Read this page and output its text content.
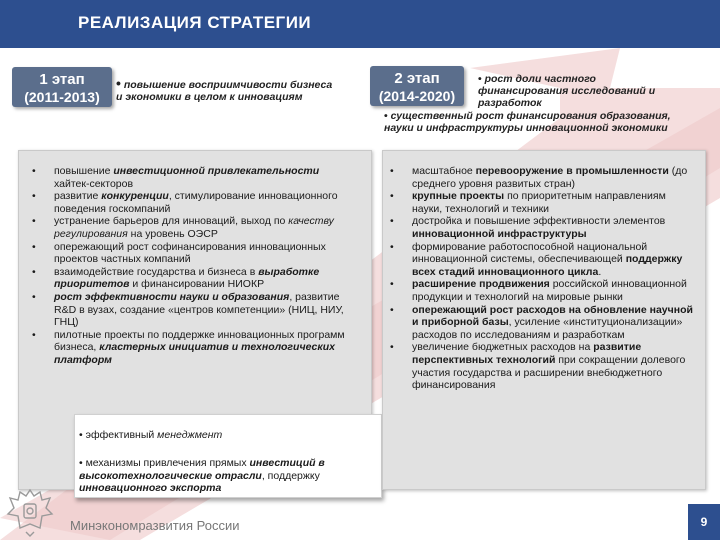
РЕАЛИЗАЦИЯ СТРАТЕГИИ
1 этап
(2011-2013)
• повышение восприимчивости бизнеса и экономики в целом к инновациям
• повышение инвестиционной привлекательности хайтек-секторов
• развитие конкуренции, стимулирование инновационного поведения госкомпаний
• устранение барьеров для инноваций, выход по качеству регулирования на уровень ОЭСР
• опережающий рост софинансирования инновационных проектов частных компаний
• взаимодействие государства и бизнеса в выработке приоритетов и финансировании НИОКР
• рост эффективности науки и образования, развитие R&D в вузах, создание «центров компетенции» (НИЦ, НИУ, ГНЦ)
• пилотные проекты по поддержке инновационных программ бизнеса, кластерных инициатив и технологических платформ
• эффективный менеджмент
• механизмы привлечения прямых инвестиций в высокотехнологические отрасли, поддержку инновационного экспорта
2 этап
(2014-2020)
• рост доли частного финансирования исследований и разработок
• существенный рост финансирования образования, науки и инфраструктуры инновационной экономики
• масштабное перевооружение в промышленности (до среднего уровня развитых стран)
• крупные проекты по приоритетным направлениям науки, технологий и техники
• достройка и повышение эффективности элементов инновационной инфраструктуры
• формирование работоспособной национальной инновационной системы, обеспечивающей поддержку всех стадий инновационного цикла.
• расширение продвижения российской инновационной продукции и технологий на мировые рынки
• опережающий рост расходов на обновление научной и приборной базы, усиление «институционализации» расходов по исследованиям и разработкам
• увеличение бюджетных расходов на развитие перспективных технологий при сокращении долевого участия государства и расширении внебюджетного финансирования
Минэкономразвития России	9
